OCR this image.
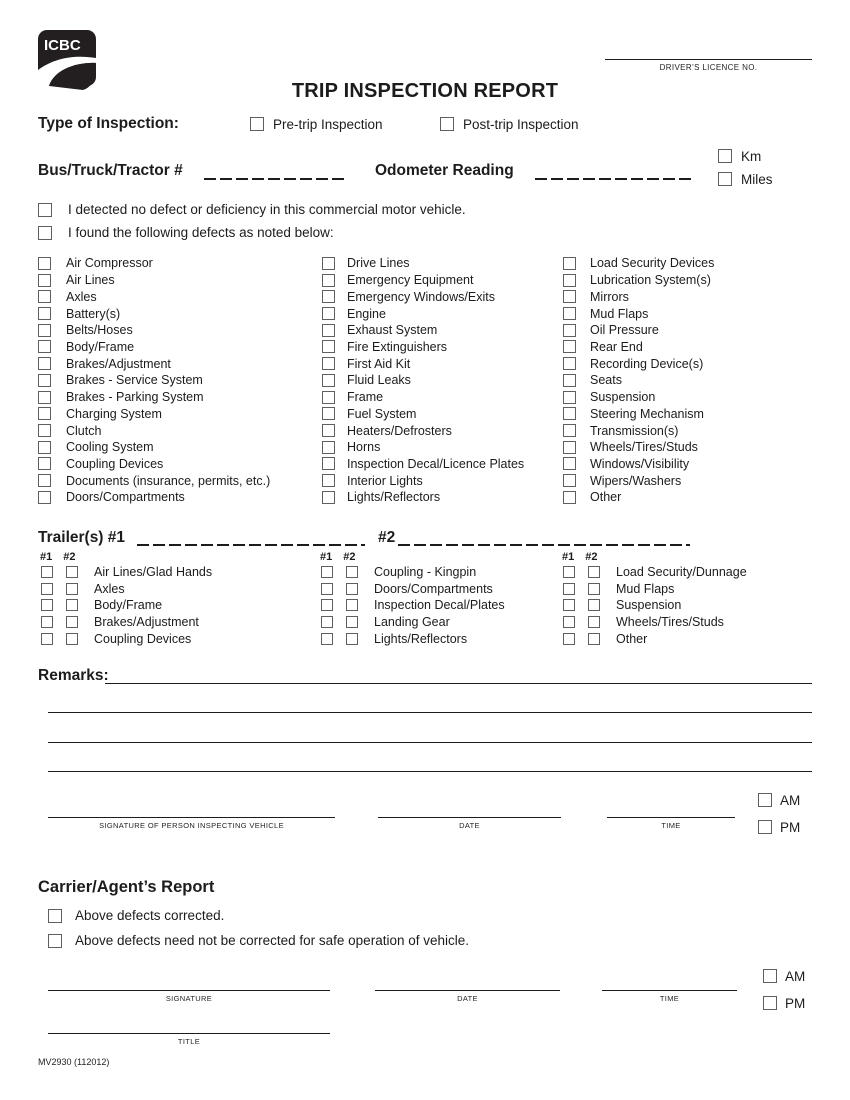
ICBC
DRIVER’S LICENCE NO.
TRIP INSPECTION REPORT
Type of Inspection:	Pre-trip Inspection	Post-trip Inspection
Bus/Truck/Tractor #	Odometer Reading
Km
Miles
I detected no defect or deficiency in this commercial motor vehicle.
I found the following defects as noted below:
Air Compressor
Air Lines
Axles
Battery(s)
Belts/Hoses
Body/Frame
Brakes/Adjustment
Brakes - Service System
Brakes - Parking System
Charging System
Clutch
Cooling System
Coupling Devices
Documents (insurance, permits, etc.)
Doors/Compartments
Drive Lines
Emergency Equipment
Emergency Windows/Exits
Engine
Exhaust System
Fire Extinguishers
First Aid Kit
Fluid Leaks
Frame
Fuel System
Heaters/Defrosters
Horns
Inspection Decal/Licence Plates
Interior Lights
Lights/Reflectors
Load Security Devices
Lubrication System(s)
Mirrors
Mud Flaps
Oil Pressure
Rear End
Recording Device(s)
Seats
Suspension
Steering Mechanism
Transmission(s)
Wheels/Tires/Studs
Windows/Visibility
Wipers/Washers
Other
Trailer(s) #1	#2
#1 #2
Air Lines/Glad Hands
Axles
Body/Frame
Brakes/Adjustment
Coupling Devices
#1 #2
Coupling - Kingpin
Doors/Compartments
Inspection Decal/Plates
Landing Gear
Lights/Reflectors
#1 #2
Load Security/Dunnage
Mud Flaps
Suspension
Wheels/Tires/Studs
Other
Remarks:
SIGNATURE OF PERSON INSPECTING VEHICLE	DATE	TIME
AM
PM
Carrier/Agent’s Report
Above defects corrected.
Above defects need not be corrected for safe operation of vehicle.
SIGNATURE	DATE	TIME
AM
PM
TITLE
MV2930 (112012)
